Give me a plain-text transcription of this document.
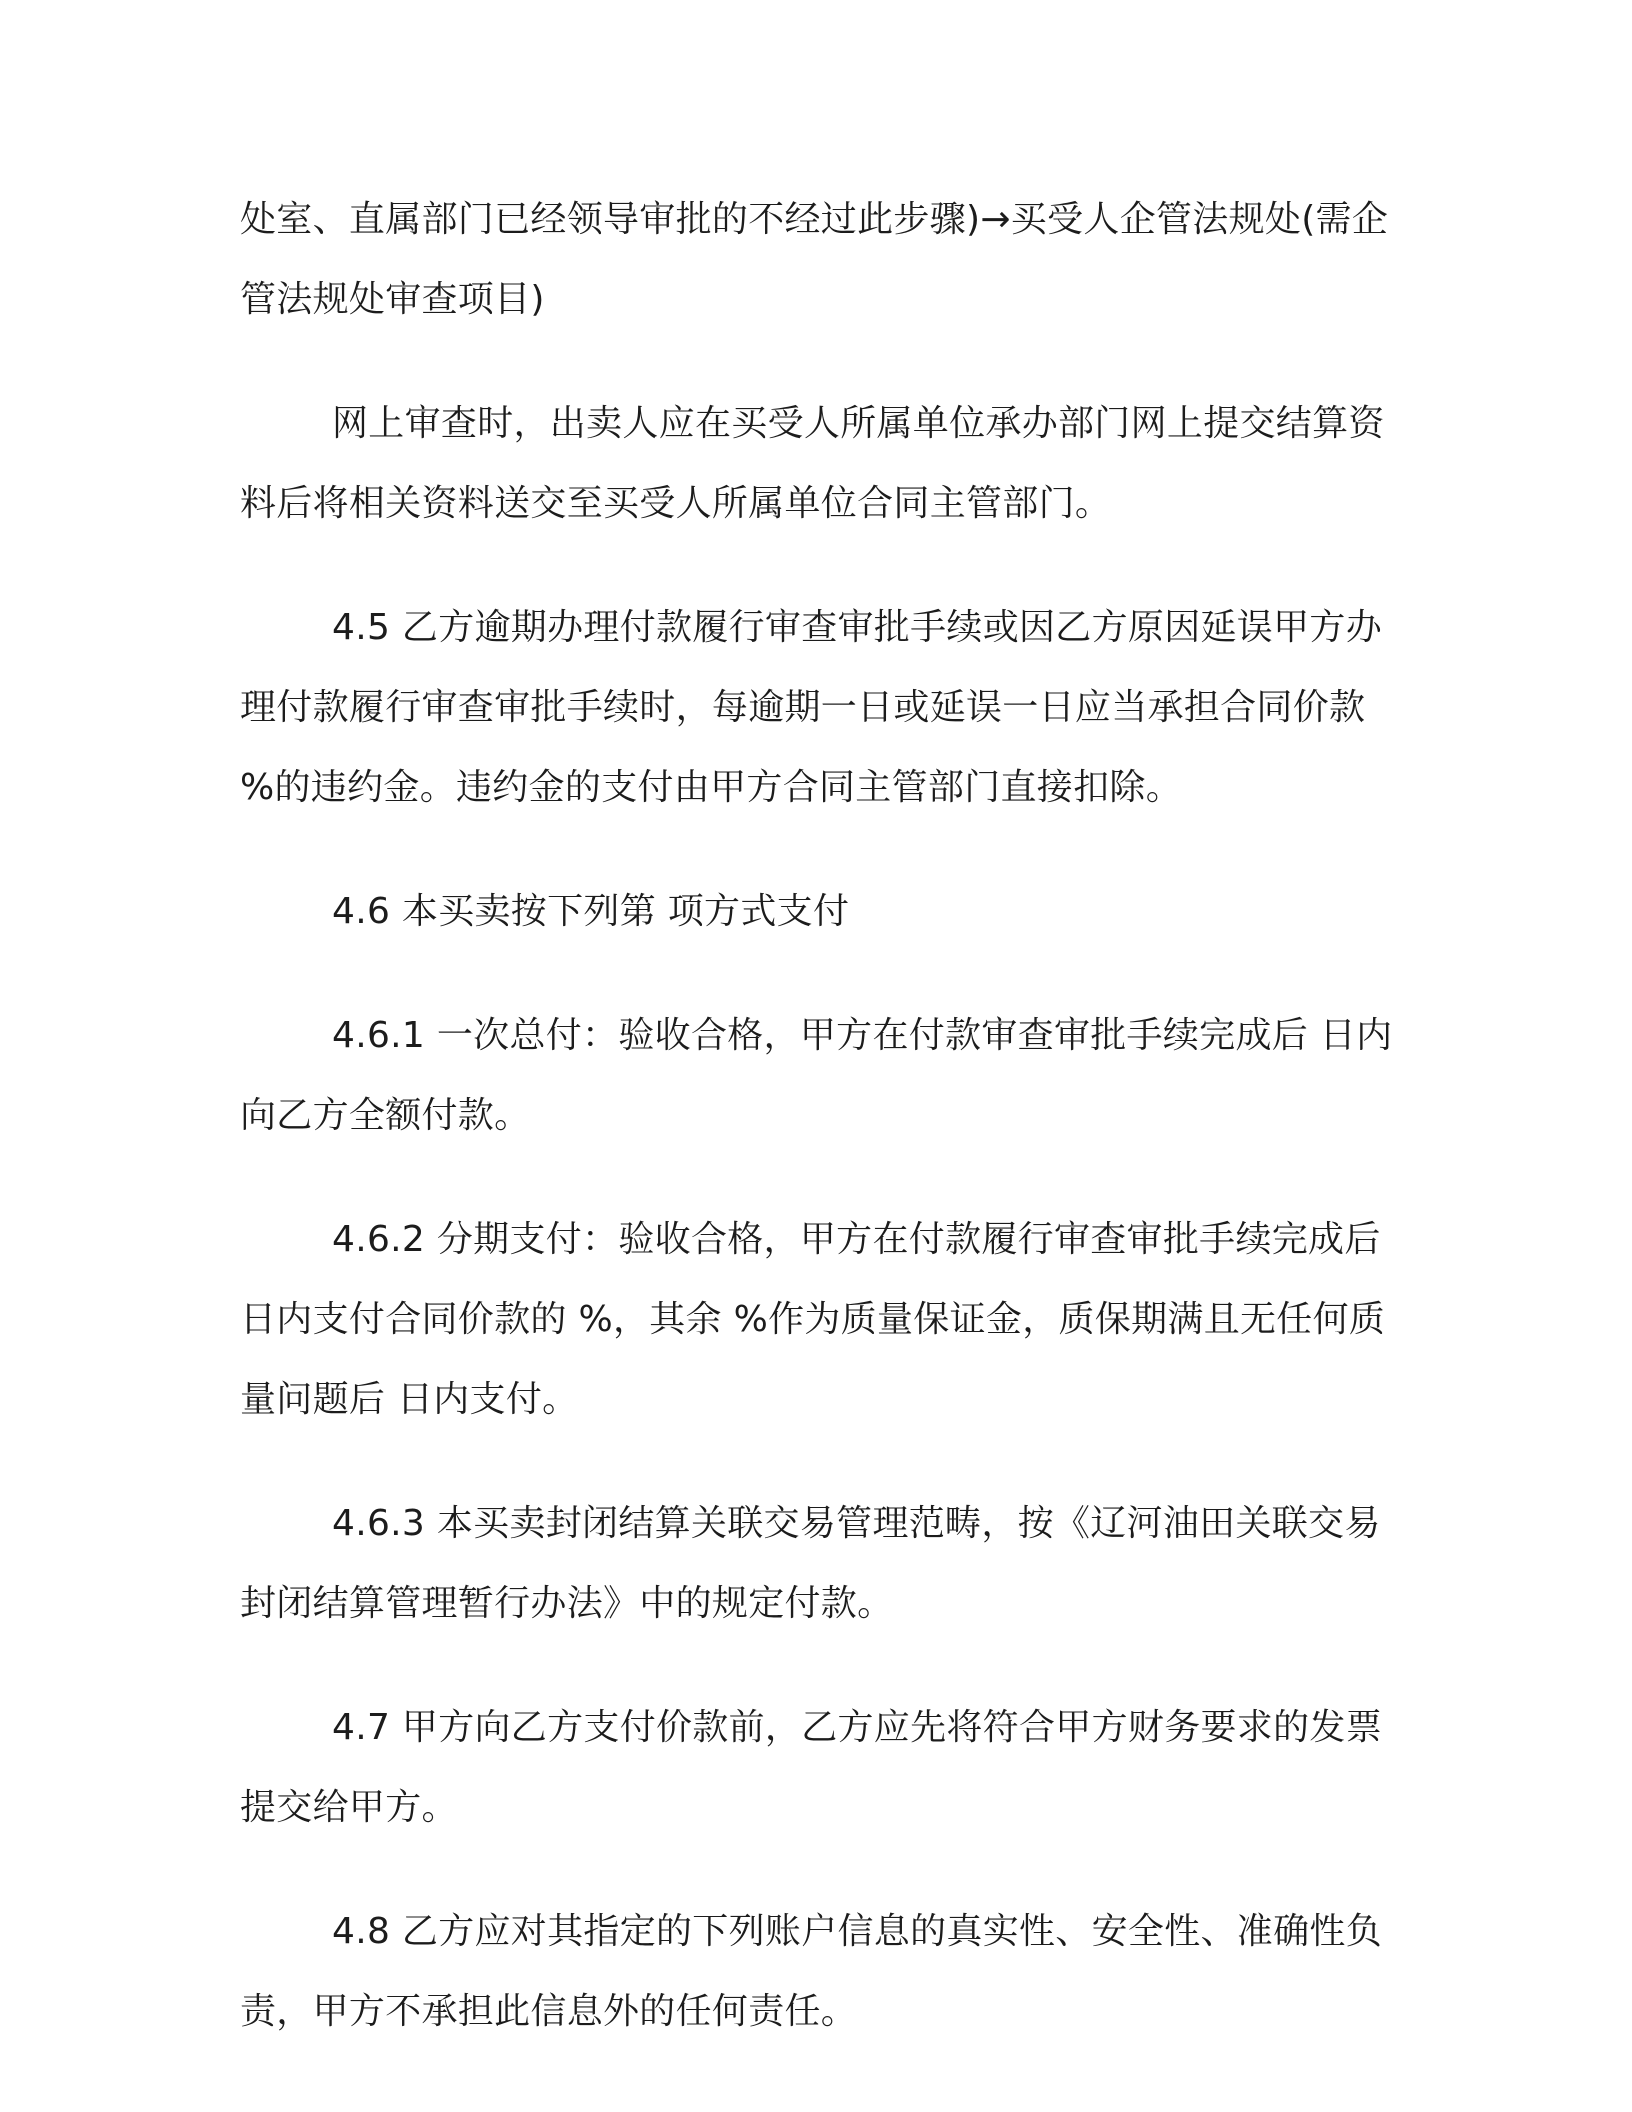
处室、直属部门已经领导审批的不经过此步骤)→买受人企管法规处(需企管法规处审查项目)

网上审查时，出卖人应在买受人所属单位承办部门网上提交结算资料后将相关资料送交至买受人所属单位合同主管部门。

4.5 乙方逾期办理付款履行审查审批手续或因乙方原因延误甲方办理付款履行审查审批手续时，每逾期一日或延误一日应当承担合同价款 %的违约金。违约金的支付由甲方合同主管部门直接扣除。

4.6 本买卖按下列第 项方式支付

4.6.1 一次总付：验收合格，甲方在付款审查审批手续完成后 日内向乙方全额付款。

4.6.2 分期支付：验收合格，甲方在付款履行审查审批手续完成后 日内支付合同价款的 %，其余 %作为质量保证金，质保期满且无任何质量问题后 日内支付。

4.6.3 本买卖封闭结算关联交易管理范畴，按《辽河油田关联交易封闭结算管理暂行办法》中的规定付款。

4.7 甲方向乙方支付价款前，乙方应先将符合甲方财务要求的发票提交给甲方。

4.8 乙方应对其指定的下列账户信息的真实性、安全性、准确性负责，甲方不承担此信息外的任何责任。
